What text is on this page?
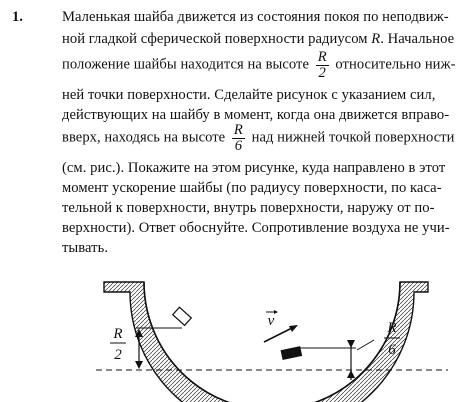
1.	Маленькая шайба движется из состояния покоя по неподвиж-
ной гладкой сферической поверхности радиусом R. Начальное
положение шайбы находится на высоте $\frac{R}{2}$ относительно ниж-
ней точки поверхности. Сделайте рисунок с указанием сил,
действующих на шайбу в момент, когда она движется вправо-
вверх, находясь на высоте $\frac{R}{6}$ над нижней точкой поверхности
(см. рис.). Покажите на этом рисунке, куда направлено в этот
момент ускорение шайбы (по радиусу поверхности, по каса-
тельной к поверхности, внутрь поверхности, наружу от по-
верхности). Ответ обоснуйте. Сопротивление воздуха не учи-
тывать.
R
2
v	R
6
